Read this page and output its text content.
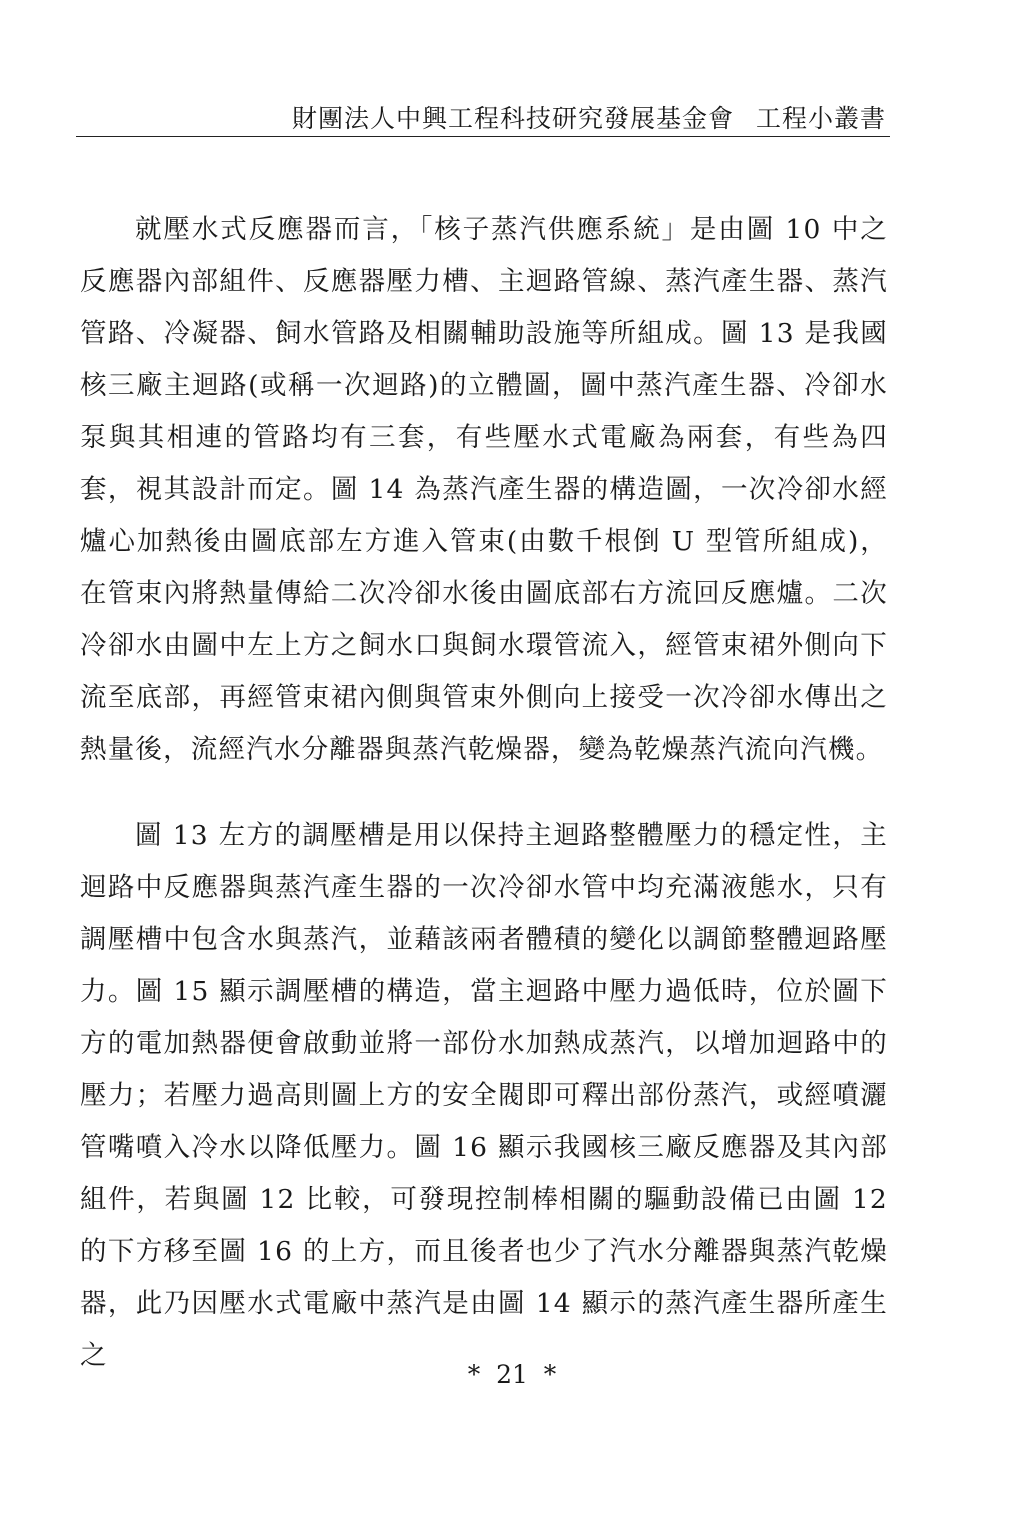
財團法人中興工程科技研究發展基金會 工程小叢書

就壓水式反應器而言，「核子蒸汽供應系統」是由圖 10 中之反應器內部組件、反應器壓力槽、主迴路管線、蒸汽產生器、蒸汽管路、冷凝器、飼水管路及相關輔助設施等所組成。圖 13 是我國核三廠主迴路(或稱一次迴路)的立體圖，圖中蒸汽產生器、冷卻水泵與其相連的管路均有三套，有些壓水式電廠為兩套，有些為四套，視其設計而定。圖 14 為蒸汽產生器的構造圖，一次冷卻水經爐心加熱後由圖底部左方進入管束(由數千根倒 U 型管所組成)，在管束內將熱量傳給二次冷卻水後由圖底部右方流回反應爐。二次冷卻水由圖中左上方之飼水口與飼水環管流入，經管束裙外側向下流至底部，再經管束裙內側與管束外側向上接受一次冷卻水傳出之熱量後，流經汽水分離器與蒸汽乾燥器，變為乾燥蒸汽流向汽機。

圖 13 左方的調壓槽是用以保持主迴路整體壓力的穩定性，主迴路中反應器與蒸汽產生器的一次冷卻水管中均充滿液態水，只有調壓槽中包含水與蒸汽，並藉該兩者體積的變化以調節整體迴路壓力。圖 15 顯示調壓槽的構造，當主迴路中壓力過低時，位於圖下方的電加熱器便會啟動並將一部份水加熱成蒸汽，以增加迴路中的壓力；若壓力過高則圖上方的安全閥即可釋出部份蒸汽，或經噴灑管嘴噴入冷水以降低壓力。圖 16 顯示我國核三廠反應器及其內部組件，若與圖 12 比較，可發現控制棒相關的驅動設備已由圖 12 的下方移至圖 16 的上方，而且後者也少了汽水分離器與蒸汽乾燥器，此乃因壓水式電廠中蒸汽是由圖 14 顯示的蒸汽產生器所產生之

*  21  *
